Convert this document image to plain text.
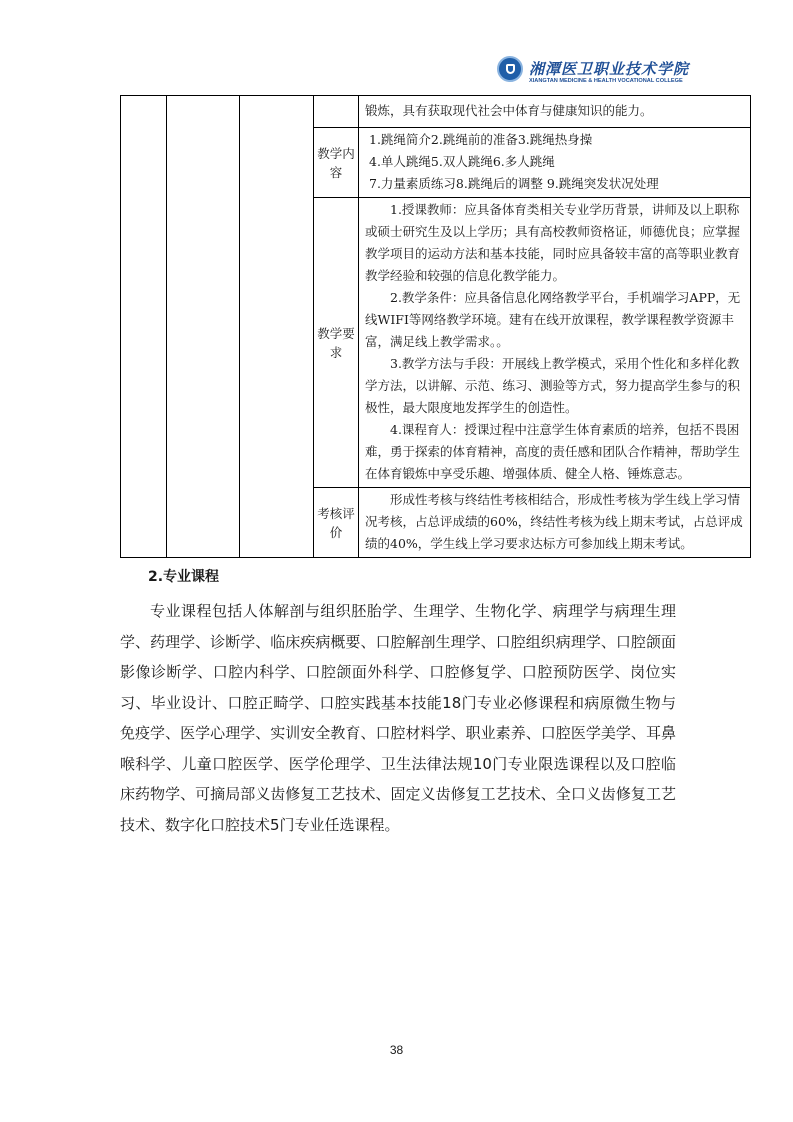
湘潭医卫职业技术学院
XIANGTAN MEDICINE & HEALTH VOCATIONAL COLLEGE
				锻炼，具有获取现代社会中体育与健康知识的能力。
			教学内容	1.跳绳简介2.跳绳前的准备3.跳绳热身操

4.单人跳绳5.双人跳绳6.多人跳绳

7.力量素质练习8.跳绳后的调整 9.跳绳突发状况处理

			教学要求	1.授课教师：应具备体育类相关专业学历背景，讲师及以上职称或硕士研究生及以上学历；具有高校教师资格证，师德优良；应掌握教学项目的运动方法和基本技能，同时应具备较丰富的高等职业教育教学经验和较强的信息化教学能力。

2.教学条件：应具备信息化网络教学平台，手机端学习APP，无线WIFI等网络教学环境。建有在线开放课程，教学课程教学资源丰富，满足线上教学需求。。

3.教学方法与手段：开展线上教学模式，采用个性化和多样化教学方法，以讲解、示范、练习、测验等方式，努力提高学生参与的积极性，最大限度地发挥学生的创造性。

4.课程育人：授课过程中注意学生体育素质的培养，包括不畏困难，勇于探索的体育精神，高度的责任感和团队合作精神，帮助学生在体育锻炼中享受乐趣、增强体质、健全人格、锤炼意志。

			考核评价	形成性考核与终结性考核相结合，形成性考核为学生线上学习情况考核，占总评成绩的60%，终结性考核为线上期末考试，占总评成绩的40%，学生线上学习要求达标方可参加线上期末考试。

2.专业课程

专业课程包括人体解剖与组织胚胎学、生理学、生物化学、病理学与病理生理学、药理学、诊断学、临床疾病概要、口腔解剖生理学、口腔组织病理学、口腔颌面影像诊断学、口腔内科学、口腔颌面外科学、口腔修复学、口腔预防医学、岗位实习、毕业设计、口腔正畸学、口腔实践基本技能18门专业必修课程和病原微生物与免疫学、医学心理学、实训安全教育、口腔材料学、职业素养、口腔医学美学、耳鼻喉科学、儿童口腔医学、医学伦理学、卫生法律法规10门专业限选课程以及口腔临床药物学、可摘局部义齿修复工艺技术、固定义齿修复工艺技术、全口义齿修复工艺技术、数字化口腔技术5门专业任选课程。

38
